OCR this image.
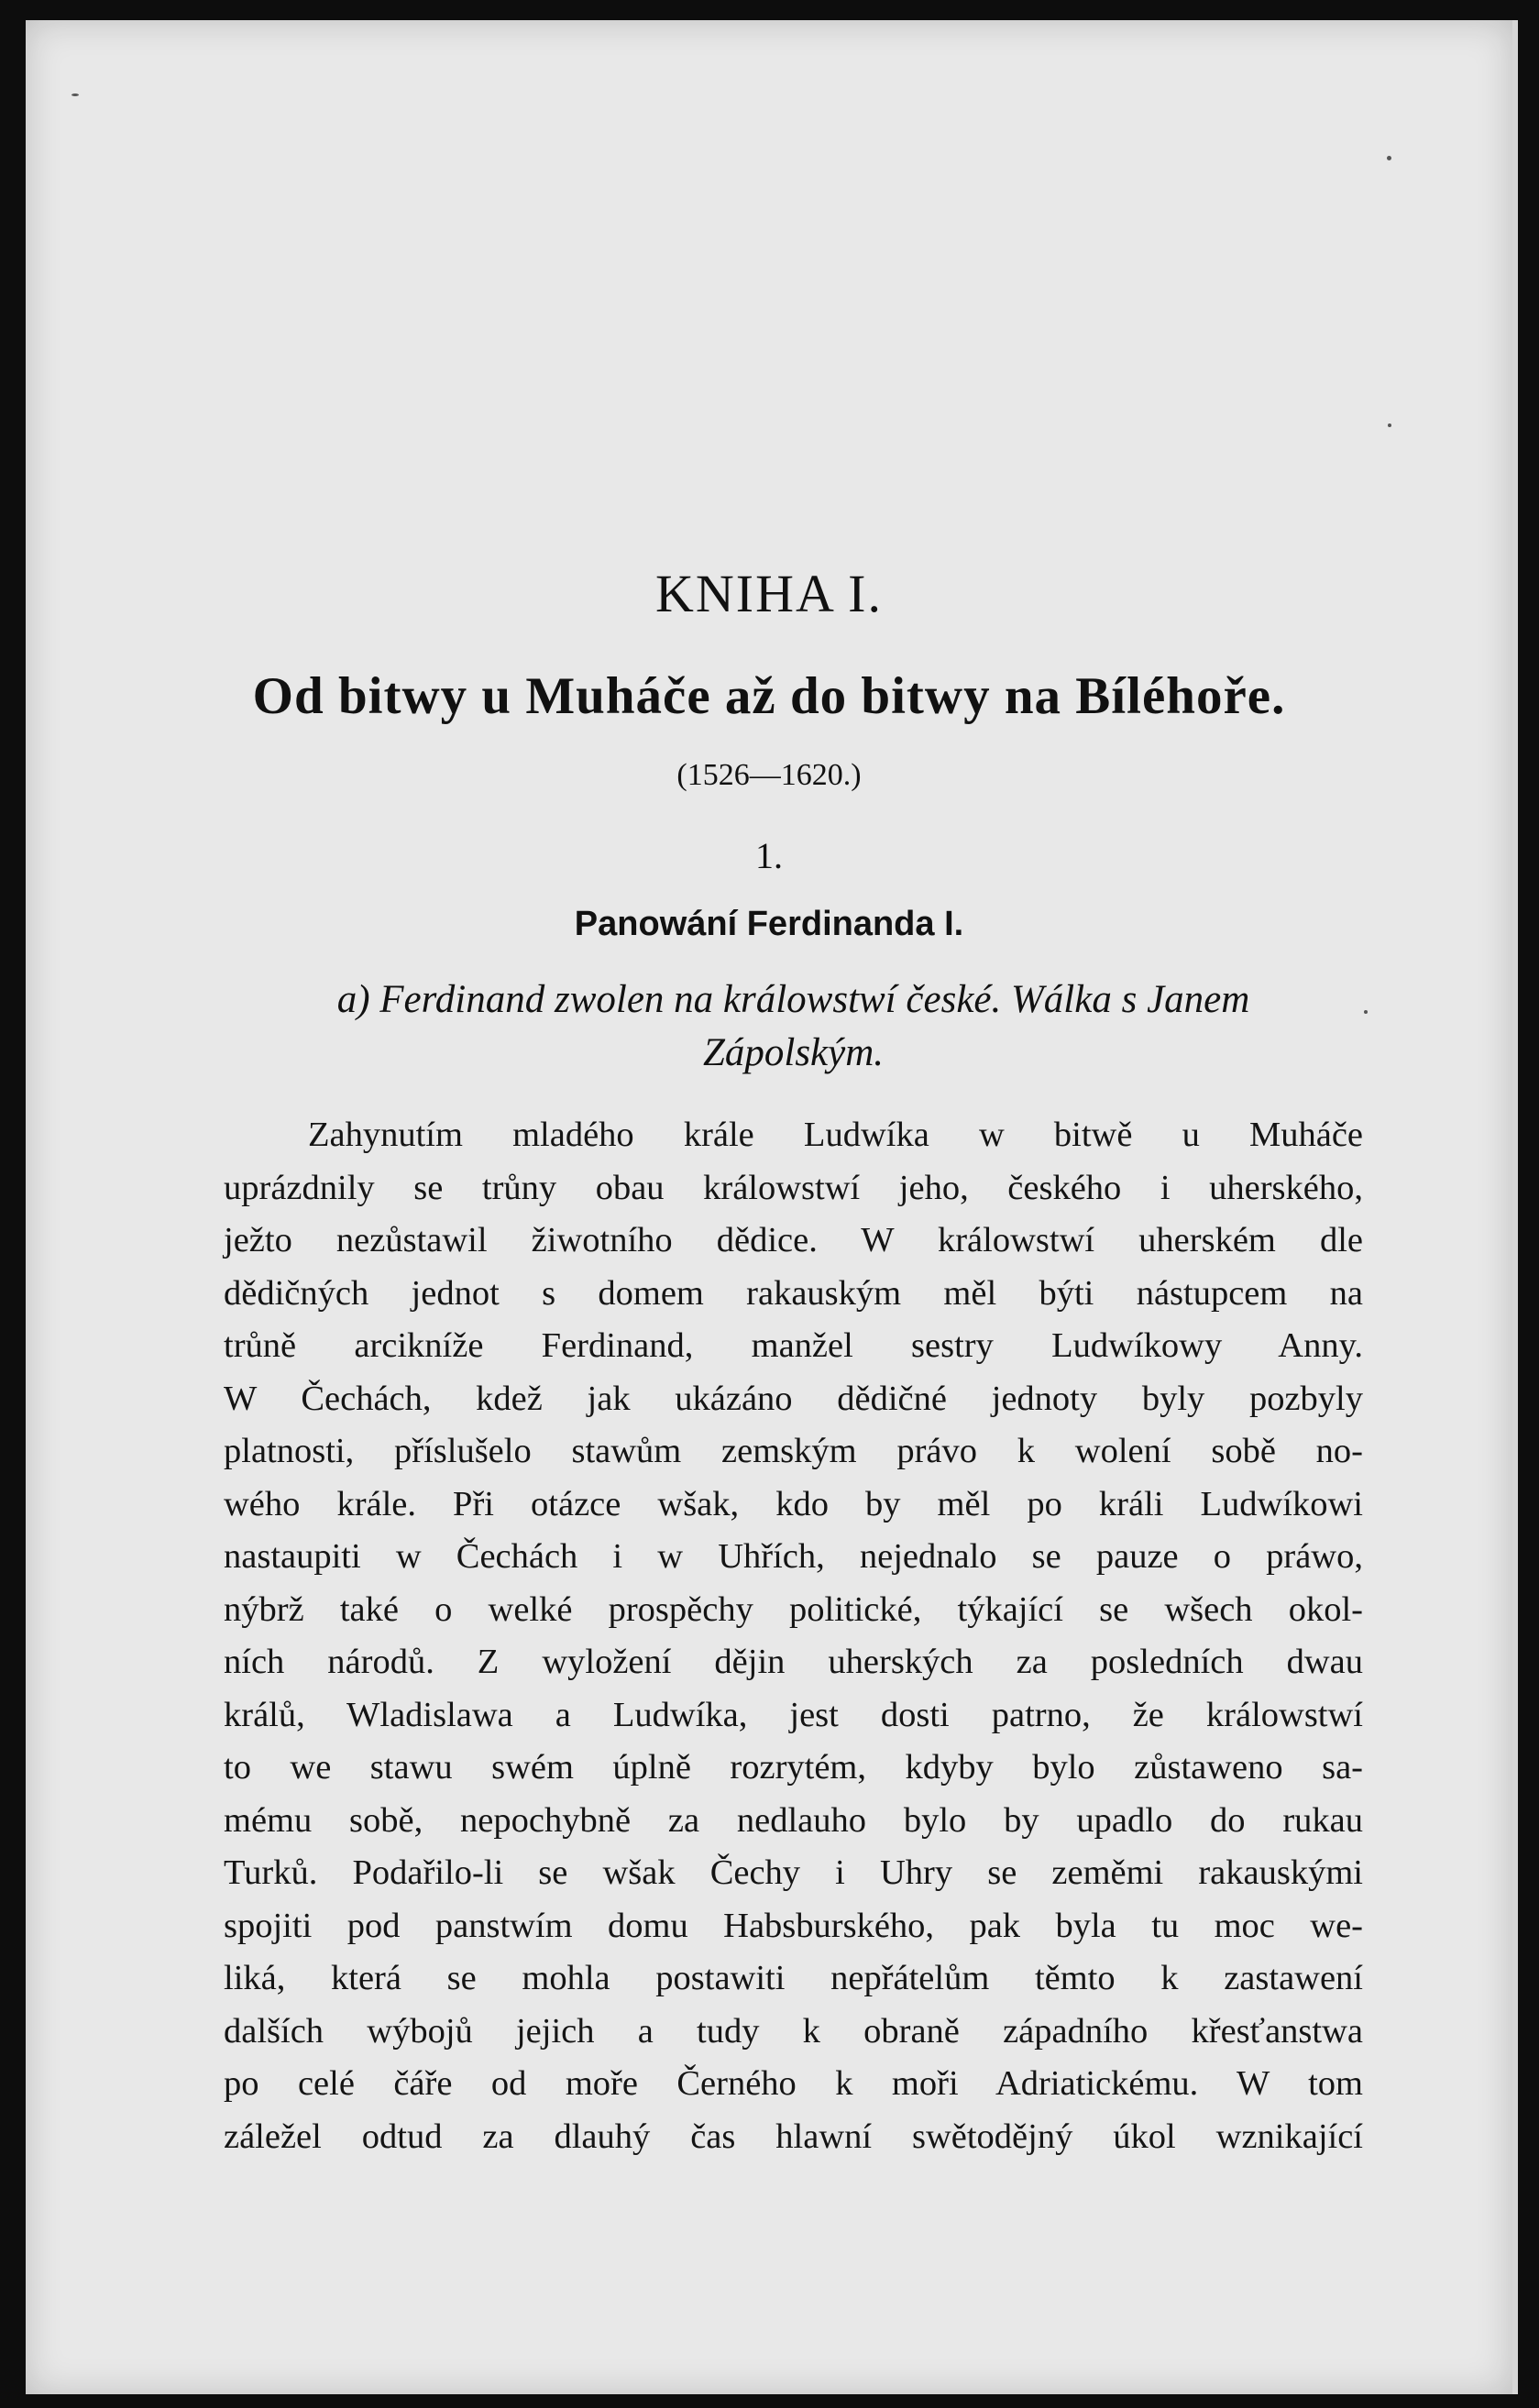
KNIHA I.
Od bitwy u Muháče až do bitwy na Bíléhoře.
(1526—1620.)
1.
Panowání Ferdinanda I.
a) Ferdinand zwolen na králowstwí české. Wálka s Janem
Zápolským.
Zahynutím mladého krále Ludwíka w bitwě u Muháče
uprázdnily se trůny obau králowstwí jeho, českého i uherského,
ježto nezůstawil žiwotního dědice. W králowstwí uherském dle
dědičných jednot s domem rakauským měl býti nástupcem na
trůně arcikníže Ferdinand, manžel sestry Ludwíkowy Anny.
W Čechách, kdež jak ukázáno dědičné jednoty byly pozbyly
platnosti, příslušelo stawům zemským právo k wolení sobě no-
wého krále. Při otázce wšak, kdo by měl po králi Ludwíkowi
nastaupiti w Čechách i w Uhřích, nejednalo se pauze o práwo,
nýbrž také o welké prospěchy politické, týkající se wšech okol-
ních národů. Z wyložení dějin uherských za posledních dwau
králů, Wladislawa a Ludwíka, jest dosti patrno, že králowstwí
to we stawu swém úplně rozrytém, kdyby bylo zůstaweno sa-
mému sobě, nepochybně za nedlauho bylo by upadlo do rukau
Turků. Podařilo-li se wšak Čechy i Uhry se zeměmi rakauskými
spojiti pod panstwím domu Habsburského, pak byla tu moc we-
liká, která se mohla postawiti nepřátelům těmto k zastawení
dalších wýbojů jejich a tudy k obraně západního křesťanstwa
po celé čáře od moře Černého k moři Adriatickému. W tom
záležel odtud za dlauhý čas hlawní swětodějný úkol wznikající
